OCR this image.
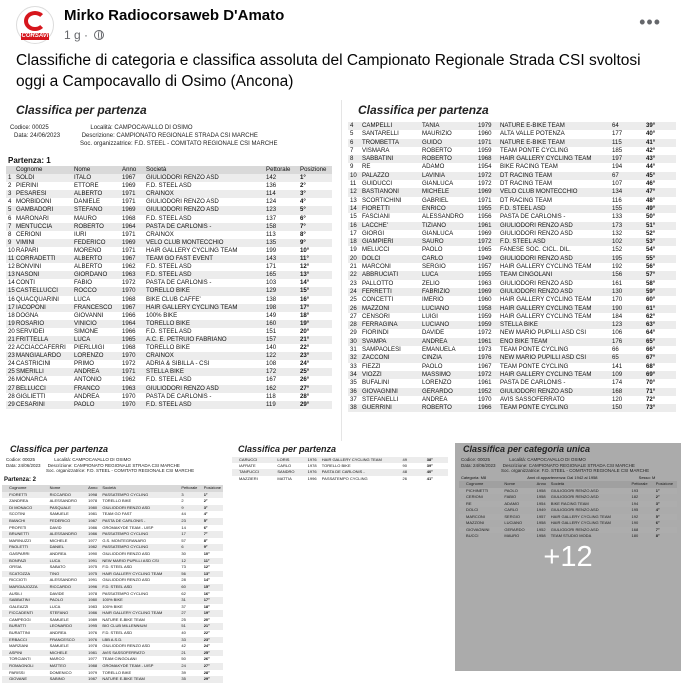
CORSAVI
Mirko Radiocorsaweb D'Amato
1 g ·
•••
Classifiche di categoria e classifica assoluta del Campionato Regionale Strada CSI svoltosi oggi a Campocavallo di Osimo (Ancona)
Classifica per partenza
Codice: 00025	Località: CAMPOCAVALLO DI OSIMO
Data: 24/06/2023	Descrizione: CAMPIONATO REGIONALE STRADA CSI MARCHE
Soc. organizzatrice: F.D. STEEL - COMITATO REGIONALE CSI MARCHE
Partenza: 1
	Cognome	Nome	Anno	Società	Pettorale	Posizione
1	SOLDI	ITALO	1967	GIULIODORI RENZO ASD	142	1°
2	PIERINI	ETTORE	1969	F.D. STEEL ASD	136	2°
3	PESARESI	ALBERTO	1971	CRAINOX	114	3°
4	MORBIDONI	DANIELE	1971	GIULIODORI RENZO ASD	124	4°
5	GAMBADORI	STEFANO	1969	GIULIODORI RENZO ASD	123	5°
6	MARONARI	MAURO	1968	F.D. STEEL ASD	137	6°
7	MENTUCCIA	ROBERTO	1964	PASTA DE CARLONIS -	158	7°
8	CERIONI	IURI	1971	CRAINOX	113	8°
9	VIMINI	FEDERICO	1969	VELO CLUB MONTECCHIO	135	9°
10	RAPARI	MORENO	1971	HAIR GALLERY CYCLING TEAM	199	10°
11	CORRADETTI	ALBERTO	1967	TEAM GO FAST EVENT	143	11°
12	BONVINI	ALBERTO	1962	F.D. STEEL ASD	171	12°
13	NASONI	GIORDANO	1963	F.D. STEEL ASD	165	13°
14	CONTI	FABIO	1972	PASTA DE CARLONIS -	103	14°
15	CASTELLUCCI	ROCCO	1970	TORELLO BIKE	129	15°
16	QUACQUARINI	LUCA	1968	BIKE CLUB CAFFE'	138	16°
17	IACOPONI	FRANCESCO	1967	HAIR GALLERY CYCLING TEAM	198	17°
18	DOGNA	GIOVANNI	1966	100% BIKE	149	18°
19	ROSARIO	VINICIO	1964	TORELLO BIKE	160	19°
20	SERVIDEI	SIMONE	1966	F.D. STEEL ASD	151	20°
21	FRITTELLA	LUCA	1965	A.C. E. PETRUIO FABRIANO	157	21°
22	ACCIACCAFERRI	PIERLUIGI	1968	TORELLO BIKE	140	22°
23	MANGIALARDO	LORENZO	1970	CRAINOX	122	23°
24	CASTRICINI	PRIMO	1972	ADRIA & SIBILLA - CSI	108	24°
25	SMERILLI	ANDREA	1971	STELLA BIKE	172	25°
26	MONARCA	ANTONIO	1962	F.D. STEEL ASD	167	26°
27	BELLUCCI	FRANCO	1963	GIULIODORI RENZO ASD	162	27°
28	GIGLIETTI	ANDREA	1970	PASTA DE CARLONIS -	118	28°
29	CESARINI	PAOLO	1970	F.D. STEEL ASD	119	29°
Classifica per partenza
4	CAMPELLI	TANIA	1979	NATURE E-BIKE TEAM	64	39°
5	SANTARELLI	MAURIZIO	1960	ALTA VALLE POTENZA	177	40°
6	TROMBETTA	GUIDO	1971	NATURE E-BIKE TEAM	115	41°
7	VISMARA	ROBERTO	1959	TEAM PONTE CYCLING	185	42°
8	SABBATINI	ROBERTO	1968	HAIR GALLERY CYCLING TEAM	197	43°
9	RE	ADAMO	1954	BIKE RACING TEAM	194	44°
10	PALAZZO	LAVINIA	1972	DT RACING TEAM	67	45°
11	GUIDUCCI	GIANLUCA	1972	DT RACING TEAM	107	46°
12	BASTIANONI	MICHELE	1969	VELO CLUB MONTECCHIO	134	47°
13	SCORTICHINI	GABRIEL	1971	DT RACING TEAM	116	48°
14	FIORETTI	ENRICO	1955	F.D. STEEL ASD	155	49°
15	FASCIANI	ALESSANDRO	1956	PASTA DE CARLONIS -	133	50°
16	LACCHE'	TIZIANO	1961	GIULIODORI RENZO ASD	173	51°
17	GIORGI	GIANLUCA	1969	GIULIODORI RENZO ASD	132	52°
18	GIAMPIERI	SAURO	1972	F.D. STEEL ASD	102	53°
19	MELUCCI	PAOLO	1965	FANESE SOC. CICL. DIL.	152	54°
20	DOLCI	CARLO	1949	GIULIODORI RENZO ASD	195	55°
21	MARCONI	SERGIO	1957	HAIR GALLERY CYCLING TEAM	192	56°
22	ABBRUCIATI	LUCA	1955	TEAM CINGOLANI	156	57°
23	PALLOTTO	ZELIO	1963	GIULIODORI RENZO ASD	161	58°
24	FERRETTI	FABRIZIO	1969	GIULIODORI RENZO ASD	130	59°
25	CONCETTI	IMERIO	1960	HAIR GALLERY CYCLING TEAM	170	60°
26	MAZZONI	LUCIANO	1958	HAIR GALLERY CYCLING TEAM	190	61°
27	CENSORI	LUIGI	1959	HAIR GALLERY CYCLING TEAM	184	62°
28	FERRAGINA	LUCIANO	1959	STELLA BIKE	123	63°
29	FIORINDI	DAVIDE	1972	NEW MARIO PUPILLI ASD CSI	106	64°
30	SVAMPA	ANDREA	1961	ENO BIKE TEAM	176	65°
31	SAMPAOLESI	EMANUELA	1973	TEAM PONTE CYCLING	66	66°
32	ZACCONI	CINZIA	1976	NEW MARIO PUPILLI ASD CSI	65	67°
33	FIEZZI	PAOLO	1967	TEAM PONTE CYCLING	141	68°
34	VIOZZI	MASSIMO	1972	HAIR GALLERY CYCLING TEAM	109	69°
35	BUFALINI	LORENZO	1961	PASTA DE CARLONIS -	174	70°
36	GIOVAGNINI	GERARDO	1952	GIULIODORI RENZO ASD	168	71°
37	STEFANELLI	ANDREA	1970	AVIS SASSOFERRATO	120	72°
38	GUERRINI	ROBERTO	1966	TEAM PONTE CYCLING	150	73°
Classifica per partenza
Codice: 00025	Località: CAMPOCAVALLO DI OSIMO
Data: 24/06/2023 Descrizione: CAMPIONATO REGIONALE STRADA CSI MARCHE
Soc. organizzatrice: F.D. STEEL - COMITATO REGIONALE CSI MARCHE
Partenza: 2
	Cognome	Nome	Anno	Società	Pettorale	Posizione
	FIORETTI	RICCARDO	1998	PASSATEMPO CYCLING	3	1°
	ZANDREA	ALESSANDRO	1978	TORELLO BIKE	2	2°
	DI MONACO	PASQUALE	1980	GIULIODORI RENZO ASD	9	3°
	SCOTINI	SAMUELE	1981	TEAM GO FAST	44	4°
	BIANCHI	FEDERICO	1987	PASTA DE CARLONIS -	23	5°
	PROFETI	DAVID	1986	GROMAKYDE TEAM - UISP	14	6°
	BRUNETTI	ALESSANDRO	1986	PASSATEMPO CYCLING	17	7°
	MARINUZZI	MICHELE	1977	G.S. MONTEGRANARO	57	8°
	PAOLETTI	DANIEL	1982	PASSATEMPO CYCLING	6	9°
	GASPARRI	ANDREA	1990	GIULIODORI RENZO ASD	30	10°
	BONFAZI	LUCA	1991	NEW MARIO PUPILLI ASD CSI	12	11°
	ORSIA	SABATO	1975	F.D. STEEL ASD	73	12°
	SCATOZZA	TINO	1975	HAIR GALLERY CYCLING TEAM	56	13°
	RICCIOTI	ALESSANDRO	1991	GIULIODORI RENZO ASD	28	14°
	MARGIAJOZZA	RICCARDO	1996	F.D. STEEL ASD	60	15°
	AUSILI	DAVIDE	1978	PASSATEMPO CYCLING	62	16°
	SABBATINI	PAOLO	1980	100% BIKE	31	17°
	GALEAZZI	LUCA	1983	100% BIKE	37	18°
	FICCADENTI	STEFANO	1986	HAIR GALLERY CYCLING TEAM	27	19°
	CAMPEGGI	SAMUELE	1989	NATURE E-BIKE TEAM	25	20°
	BURATTI	LEONARDO	1995	BIO CLUB MILLENNIUM	51	21°
	BURATTINI	ANDREA	1976	F.D. STEEL ASD	40	22°
	ERBACCI	FRANCESCO	1976	LBB A.S.D.	33	23°
	MARZIANI	SAMUELE	1978	GIULIODORI RENZO ASD	42	24°
	ASPINI	MICHELE	1981	AVIS SASSOFERRATO	21	25°
	TORCIANTI	MARCO	1977	TEAM CINGOLANI	50	26°
	ROMAGNOLI	MATTEO	1988	GROMAKYDE TEAM - UISP	24	27°
	PARISSI	DOMENICO	1979	TORELLO BIKE	39	28°
	GIOVANE	SABINO	1987	NATURE E-BIKE TEAM	35	29°
Classifica per partenza
	CARUCCI	LORIS	1976	HAIR GALLERY CYCLING TEAM	49	38°
	IAFRATE	CARLO	1978	TORELLO BIKE	90	39°
	TANFUCCI	SANDRO	1976	PASTA DE CARLONIS -	48	40°
	MAZZIERI	MATTIA	1996	PASSATEMPO CYCLING	26	41°
Classifica per categoria unica
Codice: 00025	Località: CAMPOCAVALLO DI OSIMO
Data: 24/06/2023 Descrizione: CAMPIONATO REGIONALE STRADA CSI MARCHE
Soc. organizzatrice: F.D. STEEL - COMITATO REGIONALE CSI MARCHE
Categoria: M8	Anni di appartenenza: Dal 1942 al 1958	Sesso: M
	Cognome	Nome	Anno	Società	Pettorale	Posizione
	PICHINETTI	PAOLO	1958	GIULIODORI RENZO ASD	193	1°
	CERIONI	FABIO	1958	GIULIODORI RENZO ASD	182	2°
	RE	ADAMO	1954	BIKE RACING TEAM	194	3°
	DOLCI	CARLO	1949	GIULIODORI RENZO ASD	195	4°
	MARCONI	SERGIO	1957	HAIR GALLERY CYCLING TEAM	192	5°
	MAZZONI	LUCIANO	1958	HAIR GALLERY CYCLING TEAM	190	6°
	GIOVAGNINI	GERARDO	1952	GIULIODORI RENZO ASD	168	7°
	BUCCI	MAURO	1958	TEAM STUDIO MODA	180	8°
+12
